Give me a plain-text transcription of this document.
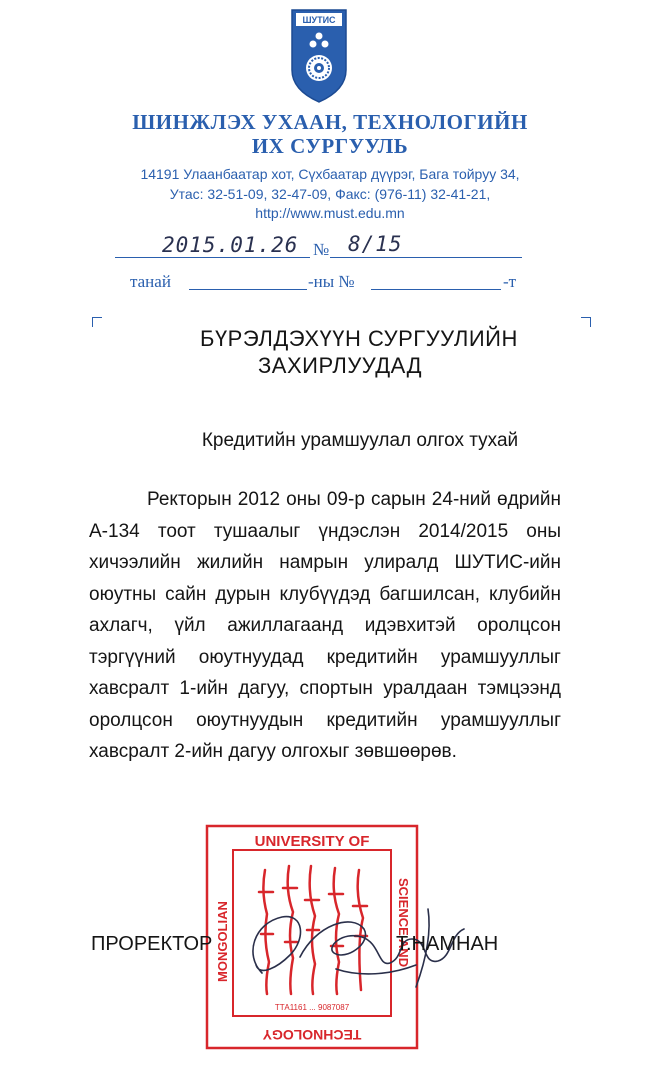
ШУТИС
ШИНЖЛЭХ УХААН, ТЕХНОЛОГИЙН
ИХ СУРГУУЛЬ
14191 Улаанбаатар хот, Сүхбаатар дүүрэг, Бага тойруу 34,
Утас: 32-51-09, 32-47-09, Факс: (976-11) 32-41-21,
http://www.must.edu.mn
2015.01.26 № 8/15
танай	-ны №	-т
БҮРЭЛДЭХҮҮН СУРГУУЛИЙН
ЗАХИРЛУУДАД
Кредитийн урамшуулал олгох тухай
Ректорын 2012 оны 09-р сарын 24-ний өдрийн А-134 тоот тушаалыг үндэслэн 2014/2015 оны хичээлийн жилийн намрын улиралд ШУТИС-ийн оюутны сайн дурын клубүүдэд багшилсан, клубийн ахлагч, үйл ажиллагаанд идэвхитэй оролцсон тэргүүний оюутнуудад кредитийн урамшууллыг хавсралт 1-ийн дагуу, спортын уралдаан тэмцээнд оролцсон оюутнуудын кредитийн урамшууллыг хавсралт 2-ийн дагуу олгохыг зөвшөөрөв.
UNIVERSITY OF
MONGOLIAN	SCIENCE AND
TECHNOLOGY
ТТА1161 ... 9087087
ПРОРЕКТОР	Т.НАМНАН
